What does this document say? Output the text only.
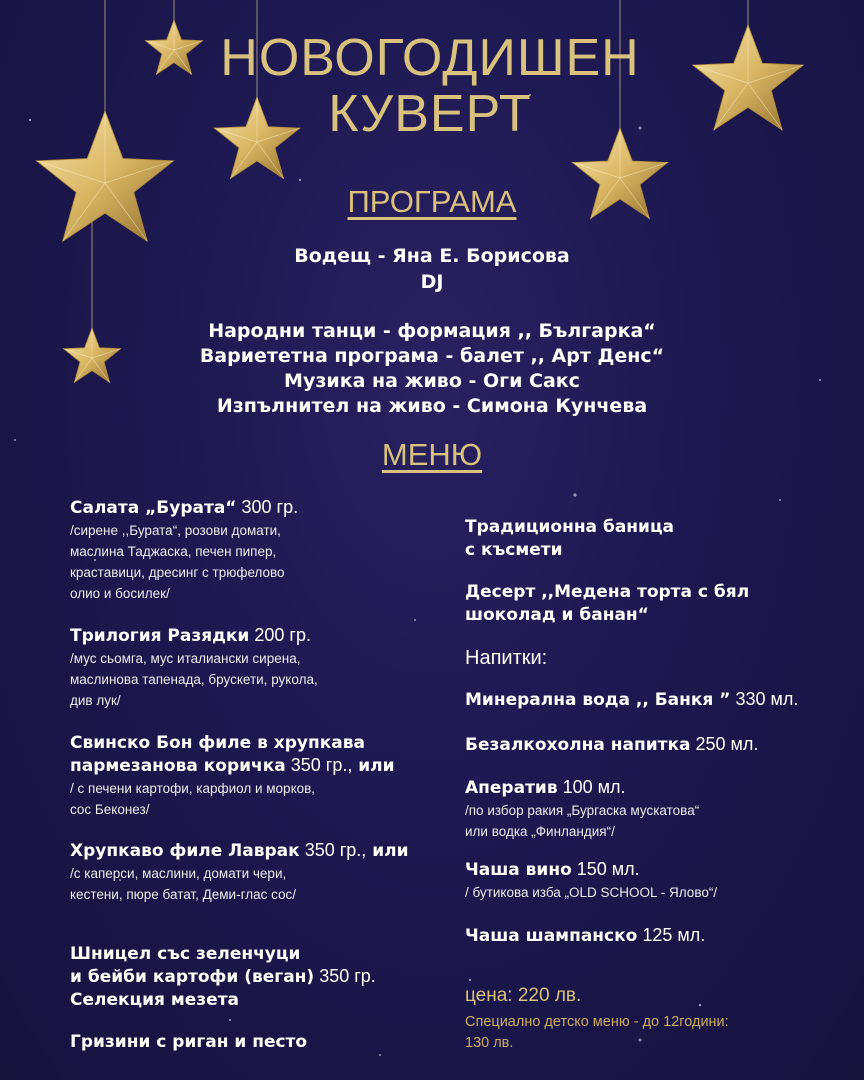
НОВОГОДИШЕН
КУВЕРТ
ПРОГРАМА
Водещ - Яна Е. Борисова
DJ
Народни танци - формация ,, Българка“
Вариететна програма - балет ,, Арт Денс“
Музика на живо - Оги Сакс
Изпълнител на живо - Симона Кунчева
МЕНЮ
Салата „Бурата“ 300 гр.
/сирене ,,Бурата“, розови домати,
маслина Таджаска, печен пипер,
краставици, дресинг с трюфелово
олио и босилек/
Трилогия Разядки 200 гр.
/мус сьомга, мус италиански сирена,
маслинова тапенада, брускети, рукола,
див лук/
Свинско Бон филе в хрупкава
пармезанова коричка 350 гр., или
/ с печени картофи, карфиол и морков,
сос Беконез/
Хрупкаво филе Лаврак 350 гр., или
/с каперси, маслини, домати чери,
кестени, пюре батат, Деми-глас сос/

Шницел със зеленчуци
и бейби картофи (веган) 350 гр.

Селекция мезета
Гризини с риган и песто

Традиционна баница
с късмети

Десерт ,,Медена торта с бял
шоколад и банан“

Напитки:
Минерална вода ,, Банкя ” 330 мл.
Безалкохолна напитка 250 мл.
Аператив 100 мл.
/по избор ракия „Бургаска мускатова“
или водка „Финландия“/
Чаша вино 150 мл.
/ бутикова изба „OLD SCHOOL - Ялово“/
Чаша шампанско 125 мл.
цена: 220 лв.
Специално детско меню - до 12години:
130 лв.
